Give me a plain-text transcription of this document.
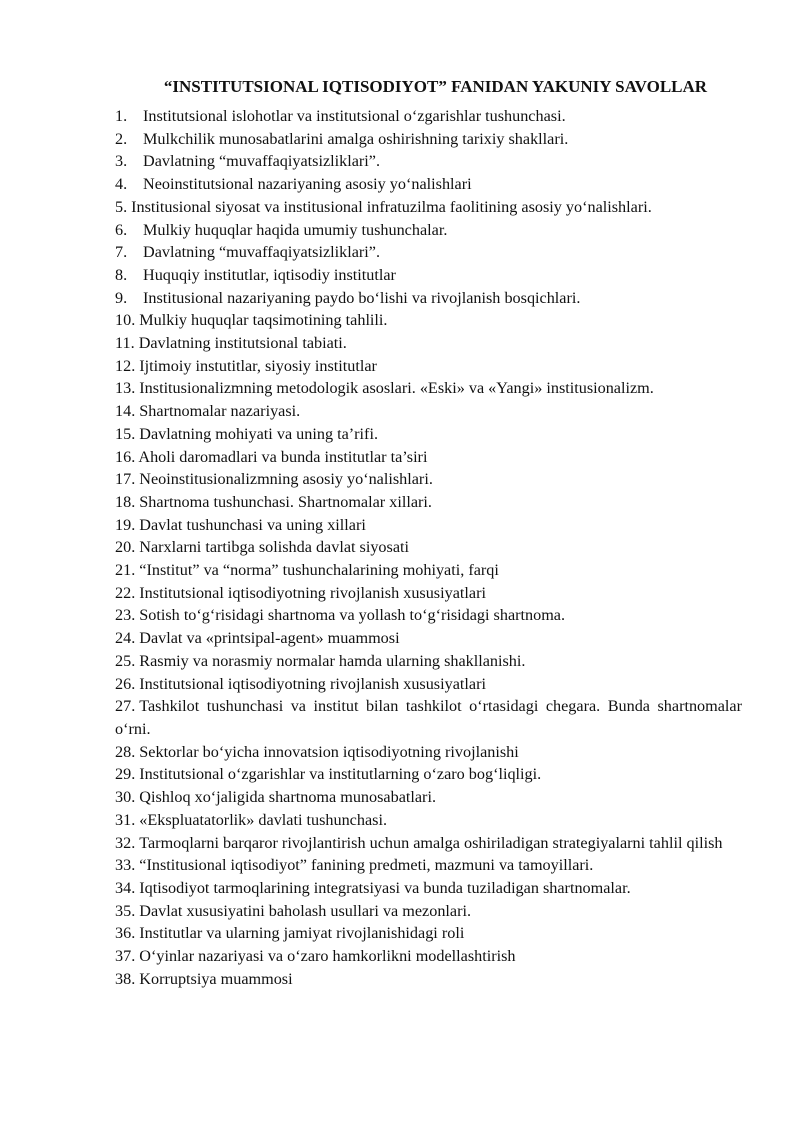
“INSTITUTSIONAL IQTISODIYOT” FANIDAN YAKUNIY SAVOLLAR
1. Institutsional islohotlar va institutsional o‘zgarishlar tushunchasi.
2. Mulkchilik munosabatlarini amalga oshirishning tarixiy shakllari.
3. Davlatning “muvaffaqiyatsizliklari”.
4. Neoinstitutsional nazariyaning asosiy yo‘nalishlari
5. Institusional siyosat va institusional infratuzilma faolitining asosiy yo‘nalishlari.
6. Mulkiy huquqlar haqida umumiy tushunchalar.
7. Davlatning “muvaffaqiyatsizliklari”.
8. Huquqiy institutlar, iqtisodiy institutlar
9. Institusional nazariyaning paydo bo‘lishi va rivojlanish bosqichlari.
10. Mulkiy huquqlar taqsimotining tahlili.
11. Davlatning institutsional tabiati.
12. Ijtimoiy instutitlar, siyosiy institutlar
13. Institusionalizmning metodologik asoslari. «Eski» va «Yangi» institusionalizm.
14. Shartnomalar nazariyasi.
15. Davlatning mohiyati va uning ta’rifi.
16. Aholi daromadlari va bunda institutlar ta’siri
17. Neoinstitusionalizmning asosiy yo‘nalishlari.
18. Shartnoma tushunchasi. Shartnomalar xillari.
19. Davlat tushunchasi va uning xillari
20. Narxlarni tartibga solishda davlat siyosati
21. “Institut” va “norma” tushunchalarining mohiyati, farqi
22. Institutsional iqtisodiyotning rivojlanish xususiyatlari
23. Sotish to‘g‘risidagi shartnoma va yollash to‘g‘risidagi shartnoma.
24. Davlat va «printsipal-agent» muammosi
25. Rasmiy va norasmiy normalar hamda ularning shakllanishi.
26. Institutsional iqtisodiyotning rivojlanish xususiyatlari
27. Tashkilot tushunchasi va institut bilan tashkilot o‘rtasidagi chegara. Bunda shartnomalar o‘rni.
28. Sektorlar bo‘yicha innovatsion iqtisodiyotning rivojlanishi
29. Institutsional o‘zgarishlar va institutlarning o‘zaro bog‘liqligi.
30. Qishloq xo‘jaligida shartnoma munosabatlari.
31. «Ekspluatatorlik» davlati tushunchasi.
32. Tarmoqlarni barqaror rivojlantirish uchun amalga oshiriladigan strategiyalarni tahlil qilish
33. “Institusional iqtisodiyot” fanining predmeti, mazmuni va tamoyillari.
34. Iqtisodiyot tarmoqlarining integratsiyasi va bunda tuziladigan shartnomalar.
35. Davlat xususiyatini baholash usullari va mezonlari.
36. Institutlar va ularning jamiyat rivojlanishidagi roli
37. O‘yinlar nazariyasi va o‘zaro hamkorlikni modellashtirish
38. Korruptsiya muammosi
